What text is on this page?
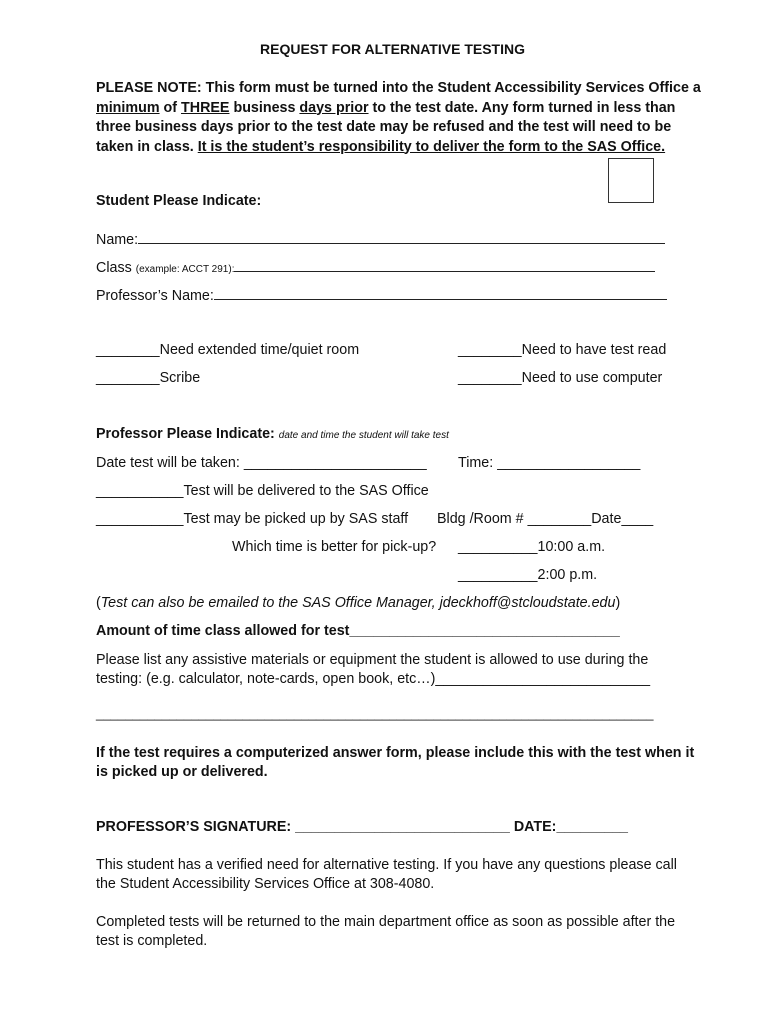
REQUEST FOR ALTERNATIVE TESTING
PLEASE NOTE: This form must be turned into the Student Accessibility Services Office a minimum of THREE business days prior to the test date. Any form turned in less than three business days prior to the test date may be refused and the test will need to be taken in class. It is the student’s responsibility to deliver the form to the SAS Office.
Student Please Indicate:
Name:
Class (example: ACCT 291):
Professor’s Name:
________Need extended time/quiet room	________Need to have test read
________Scribe	________Need to use computer
Professor Please Indicate: date and time the student will take test
Date test will be taken: _______________________ Time: __________________
___________Test will be delivered to the SAS Office
___________Test may be picked up by SAS staff Bldg /Room # ________Date____
Which time is better for pick-up? __________10:00 a.m.
__________2:00 p.m.
(Test can also be emailed to the SAS Office Manager, jdeckhoff@stcloudstate.edu)
Amount of time class allowed for test__________________________________
Please list any assistive materials or equipment the student is allowed to use during the testing: (e.g. calculator, note-cards, open book, etc…)___________________________
____________________________________________________________________________
If the test requires a computerized answer form, please include this with the test when it is picked up or delivered.
PROFESSOR’S SIGNATURE: ___________________________ DATE:_________
This student has a verified need for alternative testing. If you have any questions please call the Student Accessibility Services Office at 308-4080.
Completed tests will be returned to the main department office as soon as possible after the test is completed.
